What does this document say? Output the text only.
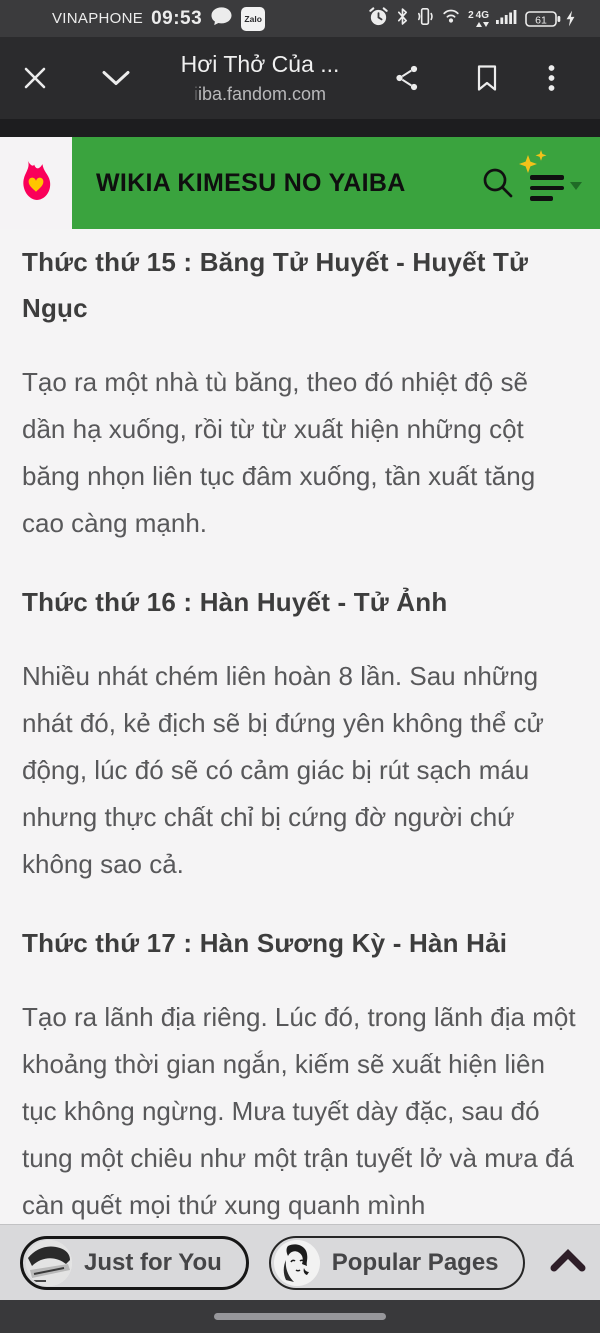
VINAPHONE 09:53	Zalo	2 4G	61
Hơi Thở Của ...
iiba.fandom.com
WIKIA KIMESU NO YAIBA
Thức thứ 15 : Băng Tử Huyết - Huyết Tử Ngục

Tạo ra một nhà tù băng, theo đó nhiệt độ sẽ dần hạ xuống, rồi từ từ xuất hiện những cột băng nhọn liên tục đâm xuống, tần xuất tăng cao càng mạnh.

Thức thứ 16 : Hàn Huyết - Tử Ảnh

Nhiều nhát chém liên hoàn 8 lần. Sau những nhát đó, kẻ địch sẽ bị đứng yên không thể cử động, lúc đó sẽ có cảm giác bị rút sạch máu nhưng thực chất chỉ bị cứng đờ người chứ không sao cả.

Thức thứ 17 : Hàn Sương Kỳ - Hàn Hải

Tạo ra lãnh địa riêng. Lúc đó, trong lãnh địa một khoảng thời gian ngắn, kiếm sẽ xuất hiện liên tục không ngừng. Mưa tuyết dày đặc, sau đó tung một chiêu như một trận tuyết lở và mưa đá càn quết mọi thứ xung quanh mình

Just for You	Popular Pages
